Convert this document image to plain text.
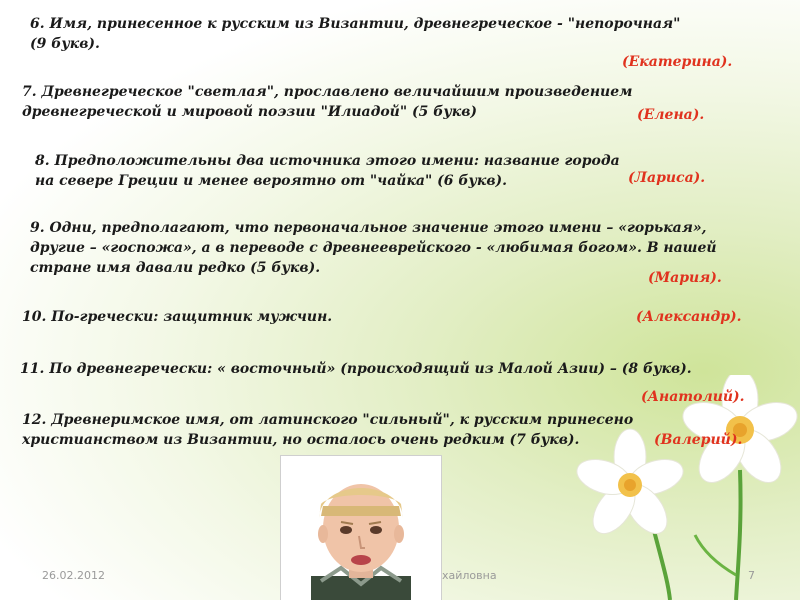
6. Имя, принесенное к русским из Византии, древнегреческое - "непорочная"
(9 букв).
(Екатерина).
7. Древнегреческое "светлая", прославлено величайшим произведением
древнегреческой и мировой поэзии "Илиадой" (5 букв)	(Елена).
8. Предположительны два источника этого имени: название города
на севере Греции и менее вероятно от "чайка" (6 букв).	(Лариса).
9. Одни, предполагают, что первоначальное значение этого имени – «горькая»,
другие – «госпожа», а в переводе с древнееврейского - «любимая богом». В нашей
стране имя давали редко (5 букв).
(Мария).
10. По-гречески: защитник мужчин.	(Александр).
11. По древнегречески: « восточный» (происходящий из Малой Азии) – (8 букв).
(Анатолий).
12. Древнеримское имя, от латинского "сильный", к русским принесено
христианством из Византии, но осталось очень редким (7 букв).	(Валерий).
26.02.2012	хайловна	7
